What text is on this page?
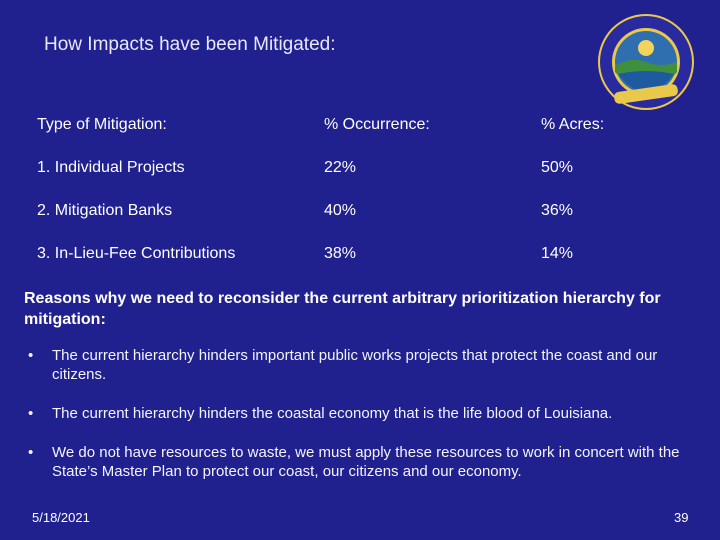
How Impacts have been Mitigated:
Type of Mitigation:	% Occurrence:	% Acres:
1. Individual Projects	22%	50%
2. Mitigation Banks	40%	36%
3. In-Lieu-Fee Contributions	38%	14%
Reasons why we need to reconsider the current arbitrary prioritization hierarchy for mitigation:
• The current hierarchy hinders important public works projects that protect the coast and our citizens.
• The current hierarchy hinders the coastal economy that is the life blood of Louisiana.
• We do not have resources to waste, we must apply these resources to work in concert with the State’s Master Plan to protect our coast, our citizens and our economy.
5/18/2021	39
